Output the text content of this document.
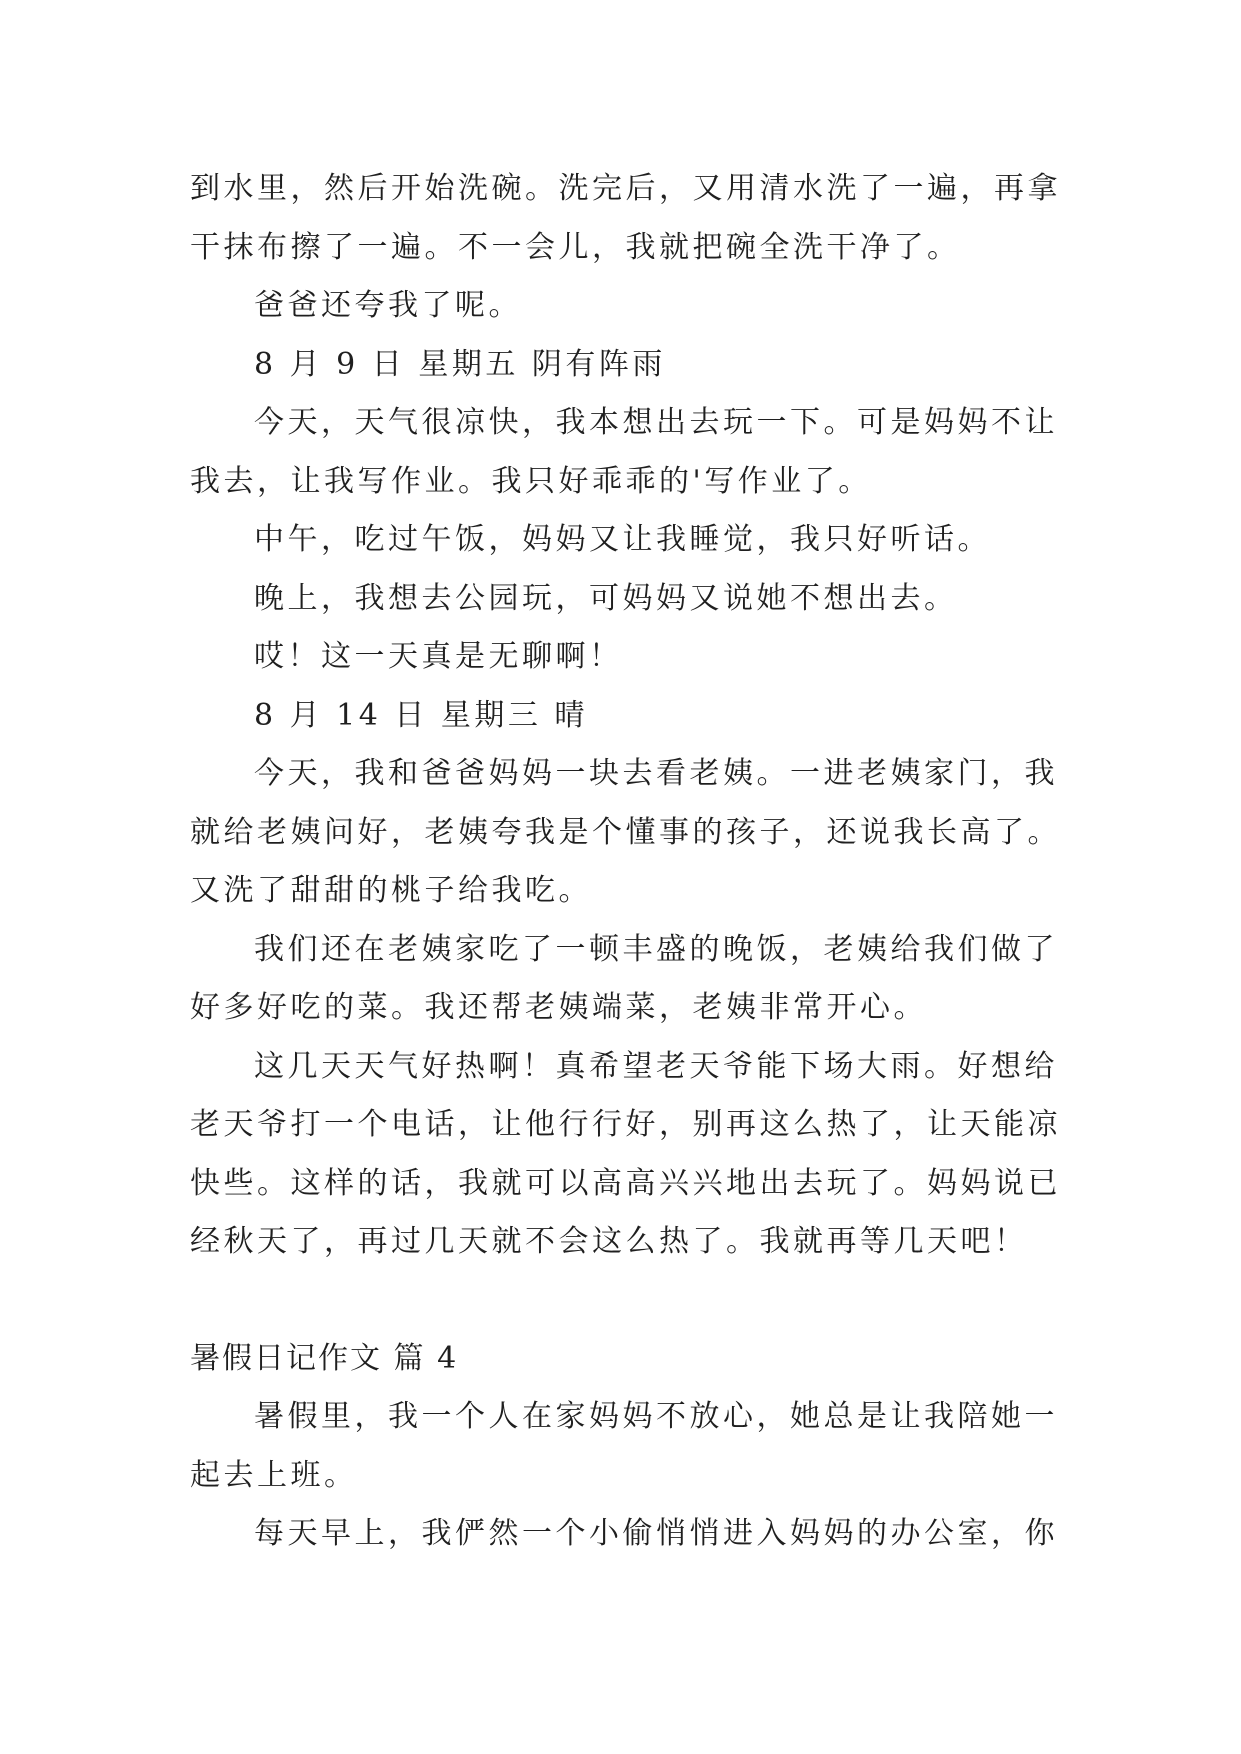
到水里，然后开始洗碗。洗完后，又用清水洗了一遍，再拿干抹布擦了一遍。不一会儿，我就把碗全洗干净了。

爸爸还夸我了呢。

8 月 9 日 星期五 阴有阵雨

今天，天气很凉快，我本想出去玩一下。可是妈妈不让我去，让我写作业。我只好乖乖的'写作业了。

中午，吃过午饭，妈妈又让我睡觉，我只好听话。

晚上，我想去公园玩，可妈妈又说她不想出去。

哎！这一天真是无聊啊！

8 月 14 日 星期三 晴

今天，我和爸爸妈妈一块去看老姨。一进老姨家门，我就给老姨问好，老姨夸我是个懂事的孩子，还说我长高了。又洗了甜甜的桃子给我吃。

我们还在老姨家吃了一顿丰盛的晚饭，老姨给我们做了好多好吃的菜。我还帮老姨端菜，老姨非常开心。

这几天天气好热啊！真希望老天爷能下场大雨。好想给老天爷打一个电话，让他行行好，别再这么热了，让天能凉快些。这样的话，我就可以高高兴兴地出去玩了。妈妈说已经秋天了，再过几天就不会这么热了。我就再等几天吧！

暑假日记作文 篇 4

暑假里，我一个人在家妈妈不放心，她总是让我陪她一起去上班。

每天早上，我俨然一个小偷悄悄进入妈妈的办公室，你
